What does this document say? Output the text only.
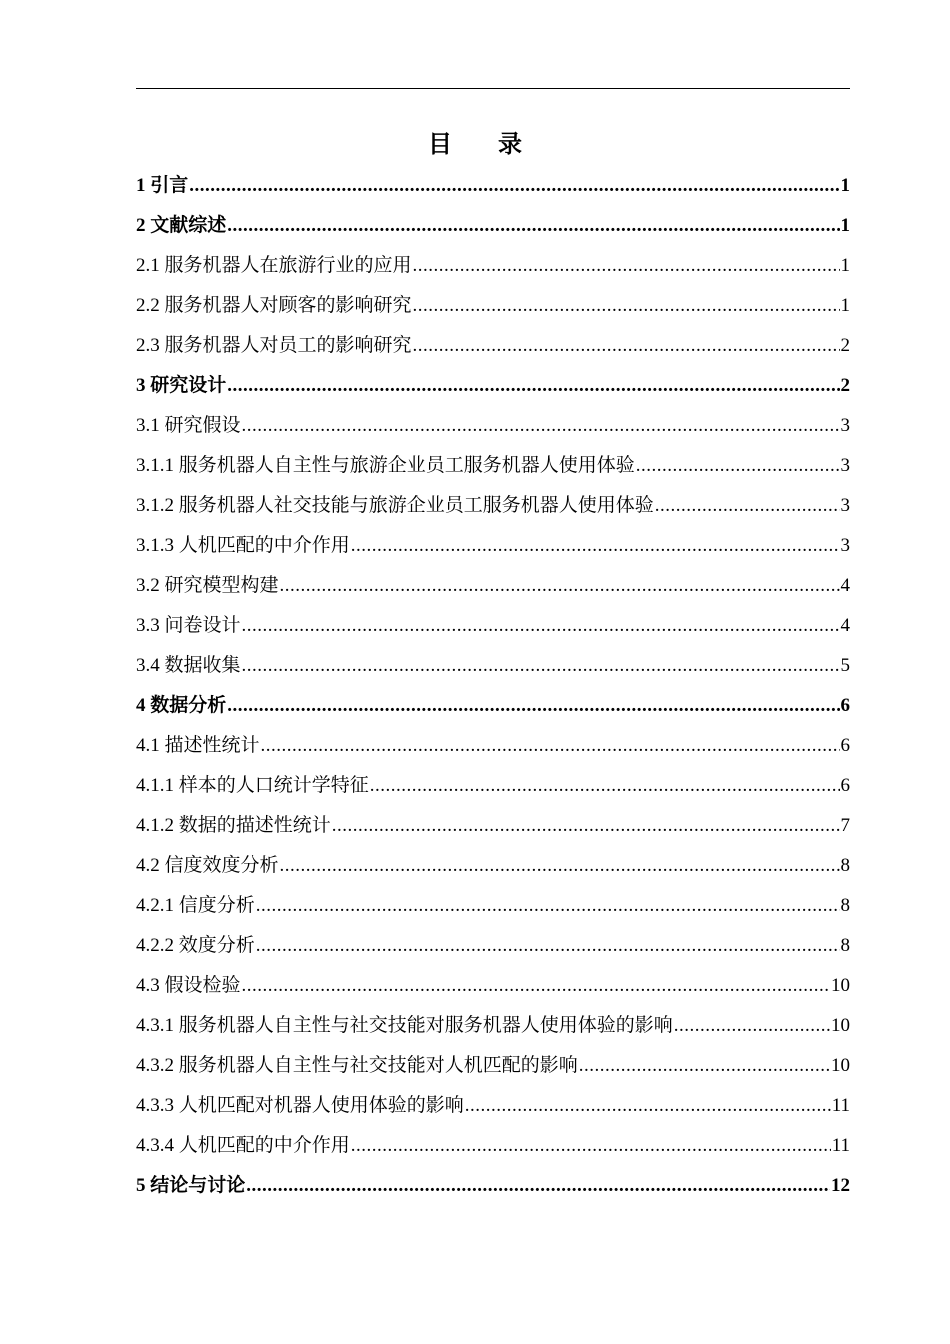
目 录
1 引言 .....	1
2 文献综述 .....	1
2.1 服务机器人在旅游行业的应用 .....	1
2.2 服务机器人对顾客的影响研究 .....	1
2.3 服务机器人对员工的影响研究 .....	2
3 研究设计 .....	2
3.1 研究假设 .....	3
3.1.1 服务机器人自主性与旅游企业员工服务机器人使用体验 .....	3
3.1.2 服务机器人社交技能与旅游企业员工服务机器人使用体验 .....	3
3.1.3 人机匹配的中介作用 .....	3
3.2 研究模型构建 .....	4
3.3 问卷设计 .....	4
3.4 数据收集 .....	5
4 数据分析 .....	6
4.1 描述性统计 .....	6
4.1.1 样本的人口统计学特征 .....	6
4.1.2 数据的描述性统计 .....	7
4.2 信度效度分析 .....	8
4.2.1 信度分析 .....	8
4.2.2 效度分析 .....	8
4.3 假设检验 .....	10
4.3.1 服务机器人自主性与社交技能对服务机器人使用体验的影响 .....	10
4.3.2 服务机器人自主性与社交技能对人机匹配的影响 .....	10
4.3.3 人机匹配对机器人使用体验的影响 .....	11
4.3.4 人机匹配的中介作用 .....	11
5 结论与讨论 .....	12
